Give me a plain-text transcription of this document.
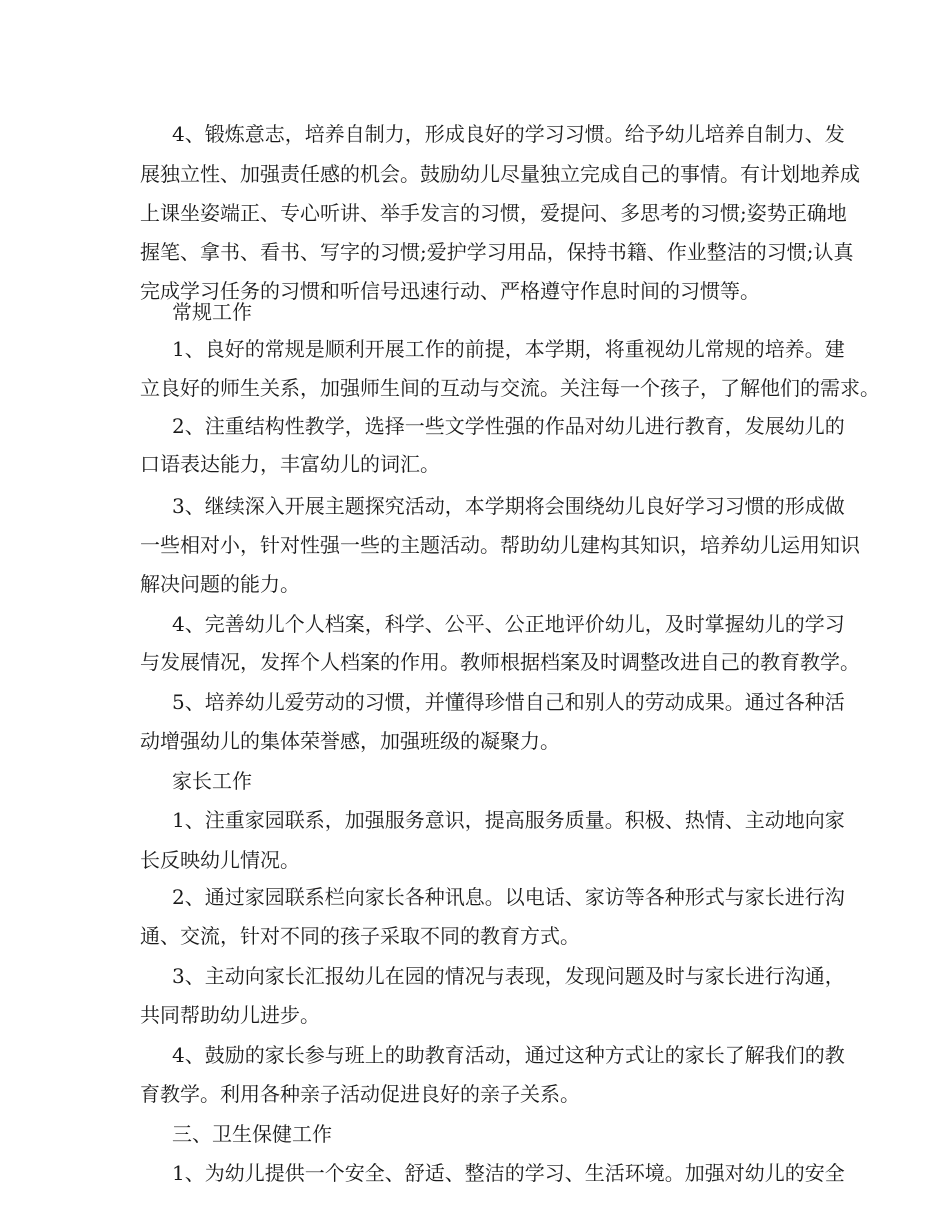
4、锻炼意志，培养自制力，形成良好的学习习惯。给予幼儿培养自制力、发
展独立性、加强责任感的机会。鼓励幼儿尽量独立完成自己的事情。有计划地养成
上课坐姿端正、专心听讲、举手发言的习惯，爱提问、多思考的习惯;姿势正确地
握笔、拿书、看书、写字的习惯;爱护学习用品，保持书籍、作业整洁的习惯;认真
完成学习任务的习惯和听信号迅速行动、严格遵守作息时间的习惯等。
常规工作
1、良好的常规是顺利开展工作的前提，本学期，将重视幼儿常规的培养。建
立良好的师生关系，加强师生间的互动与交流。关注每一个孩子，了解他们的需求。
2、注重结构性教学，选择一些文学性强的作品对幼儿进行教育，发展幼儿的
口语表达能力，丰富幼儿的词汇。
3、继续深入开展主题探究活动，本学期将会围绕幼儿良好学习习惯的形成做
一些相对小，针对性强一些的主题活动。帮助幼儿建构其知识，培养幼儿运用知识
解决问题的能力。
4、完善幼儿个人档案，科学、公平、公正地评价幼儿，及时掌握幼儿的学习
与发展情况，发挥个人档案的作用。教师根据档案及时调整改进自己的教育教学。
5、培养幼儿爱劳动的习惯，并懂得珍惜自己和别人的劳动成果。通过各种活
动增强幼儿的集体荣誉感，加强班级的凝聚力。
家长工作
1、注重家园联系，加强服务意识，提高服务质量。积极、热情、主动地向家
长反映幼儿情况。
2、通过家园联系栏向家长各种讯息。以电话、家访等各种形式与家长进行沟
通、交流，针对不同的孩子采取不同的教育方式。
3、主动向家长汇报幼儿在园的情况与表现，发现问题及时与家长进行沟通，
共同帮助幼儿进步。
4、鼓励的家长参与班上的助教育活动，通过这种方式让的家长了解我们的教
育教学。利用各种亲子活动促进良好的亲子关系。
三、卫生保健工作
1、为幼儿提供一个安全、舒适、整洁的学习、生活环境。加强对幼儿的安全
